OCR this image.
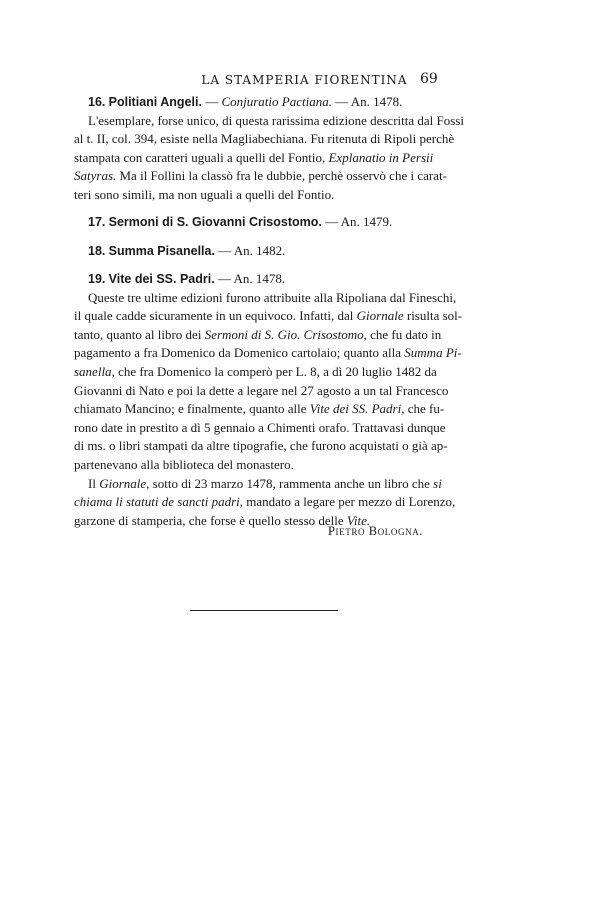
LA STAMPERIA FIORENTINA 69
16. Politiani Angeli. — Conjuratio Pactiana. — An. 1478.
L'esemplare, forse unico, di questa rarissima edizione descritta dal Fossi
al t. II, col. 394, esiste nella Magliabechiana. Fu ritenuta di Ripoli perchè
stampata con caratteri uguali a quelli del Fontio, Explanatio in Persii
Satyras. Ma il Follini la classò fra le dubbie, perchè osservò che i carat-
teri sono simili, ma non uguali a quelli del Fontio.
17. Sermoni di S. Giovanni Crisostomo. — An. 1479.
18. Summa Pisanella. — An. 1482.
19. Vite dei SS. Padri. — An. 1478.
Queste tre ultime edizioni furono attribuite alla Ripoliana dal Fineschi,
il quale cadde sicuramente in un equivoco. Infatti, dal Giornale risulta sol-
tanto, quanto al libro dei Sermoni di S. Gio. Crisostomo, che fu dato in
pagamento a fra Domenico da Domenico cartolaio; quanto alla Summa Pi-
sanella, che fra Domenico la comperò per L. 8, a dì 20 luglio 1482 da
Giovanni di Nato e poi la dette a legare nel 27 agosto a un tal Francesco
chiamato Mancino; e finalmente, quanto alle Vite dei SS. Padri, che fu-
rono date in prestito a dì 5 gennaio a Chimenti orafo. Trattavasi dunque
di ms. o libri stampati da altre tipografie, che furono acquistati o già ap-
partenevano alla biblioteca del monastero.
Il Giornale, sotto di 23 marzo 1478, rammenta anche un libro che si
chiama li statuti de sancti padri, mandato a legare per mezzo di Lorenzo,
garzone di stamperia, che forse è quello stesso delle Vite.
Pietro Bologna.
